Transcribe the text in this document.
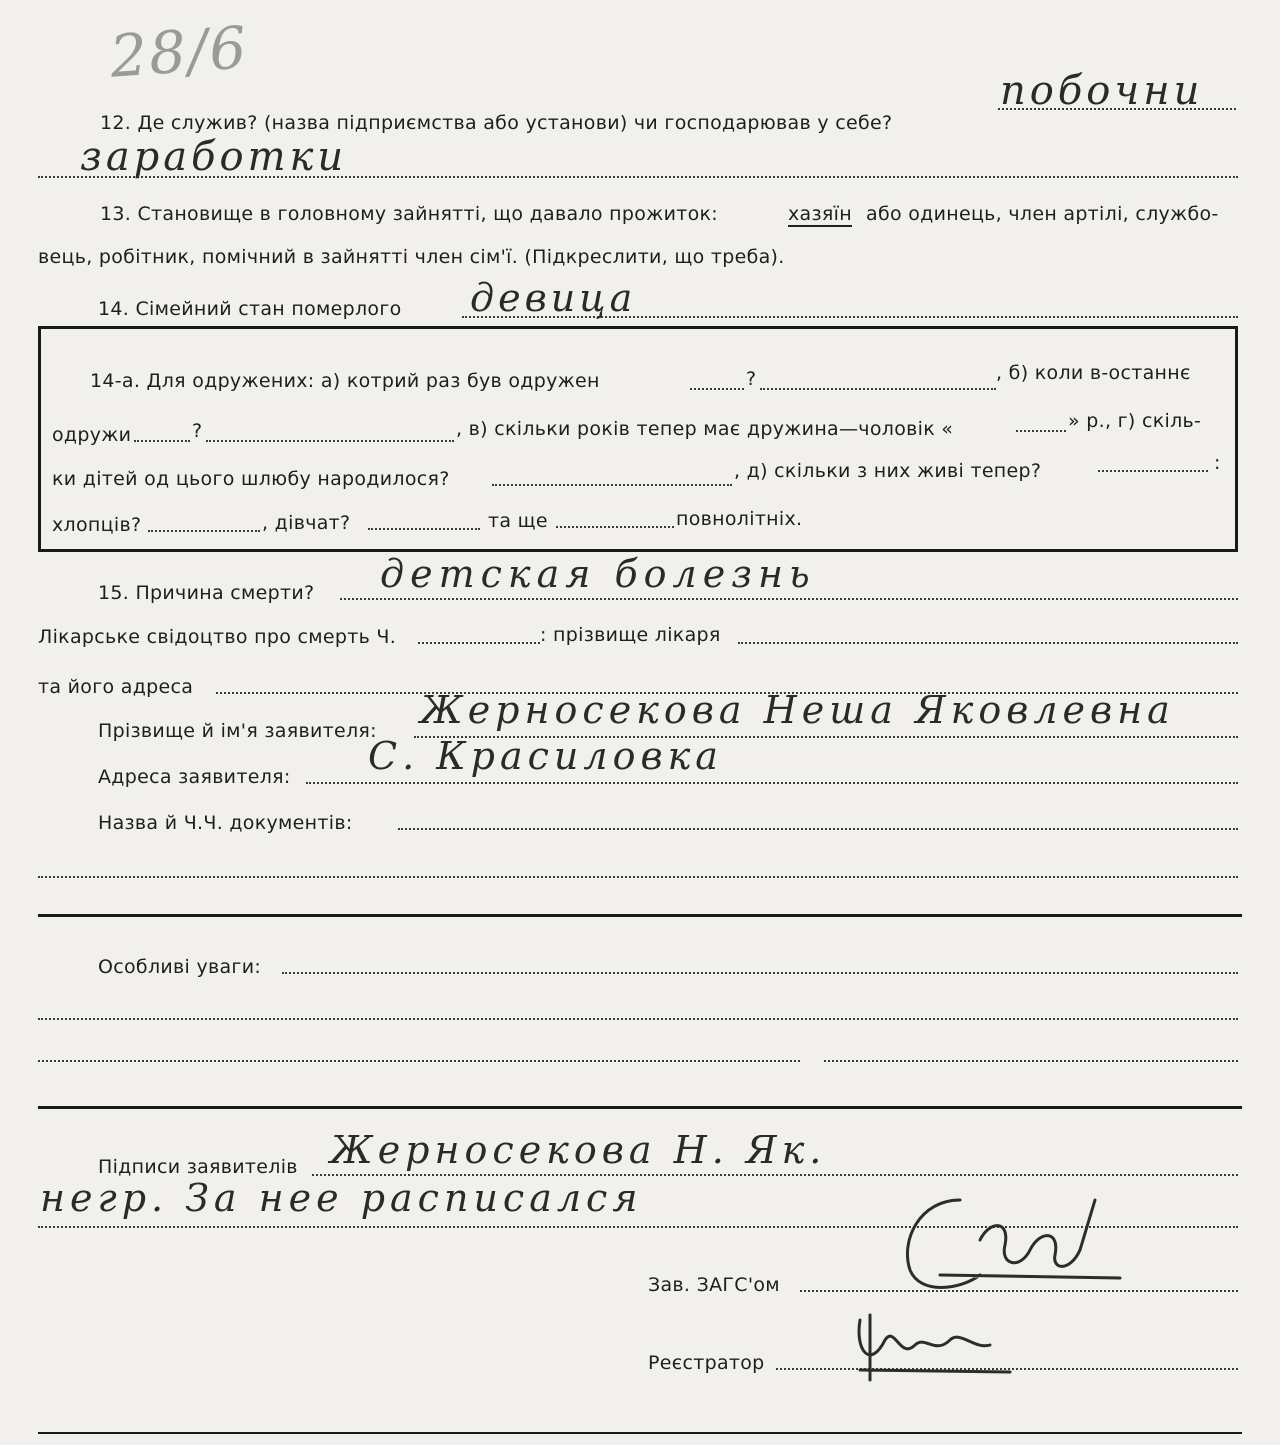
28/6
12. Де служив? (назва підприємства або установи) чи господарював у себе?
побочни
заработки
13. Становище в головному зайнятті, що давало прожиток:	хазяїн або одинець, член артілі, службо-
вець, робітник, помічний в зайнятті член сім'ї. (Підкреслити, що треба).
14. Сімейний стан померлого девица
14-а. Для одружених: а) котрий раз був одружен	?	, б) коли в-останнє
одружи	?	, в) скільки років тепер має дружина—чоловік «	» р., г) скіль-
ки дітей од цього шлюбу народилося?	, д) скільки з них живі тепер?	:
хлопців?	, дівчат?	та ще	повнолітніх.
15. Причина смерти? детская болезнь
Лікарське свідоцтво про смерть Ч.	: прізвище лікаря
та його адреса
Прізвище й ім'я заявителя: Жерносекова Неша Яковлевна
Адреса заявителя: С. Красиловка
Назва й Ч.Ч. документів:
Особливі уваги:
Підписи заявителів Жерносекова Н. Як.
негр. За нее расписался
Зав. ЗАГС'ом
Реєстратор
